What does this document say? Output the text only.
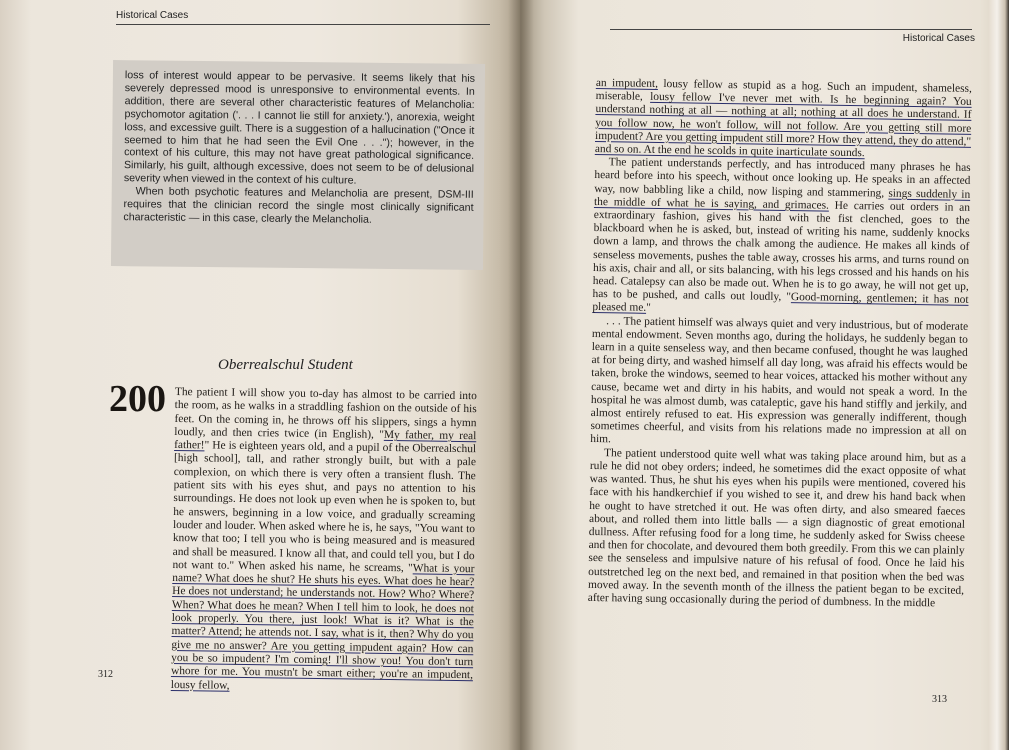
Historical Cases

loss of interest would appear to be pervasive. It seems likely that his severely depressed mood is unresponsive to environmental events. In addition, there are several other characteristic features of Melancholia: psychomotor agitation ('. . . I cannot lie still for anxiety.'), anorexia, weight loss, and excessive guilt. There is a suggestion of a hallucination ("Once it seemed to him that he had seen the Evil One . . ."); however, in the context of his culture, this may not have great pathological significance. Similarly, his guilt, although excessive, does not seem to be of delusional severity when viewed in the context of his culture.

When both psychotic features and Melancholia are present, DSM-III requires that the clinician record the single most clinically significant characteristic — in this case, clearly the Melancholia.

Oberrealschul Student
200 The patient I will show you to-day has almost to be carried into the room, as he walks in a straddling fashion on the outside of his feet. On the coming in, he throws off his slippers, sings a hymn loudly, and then cries twice (in English), "My father, my real father!" He is eighteen years old, and a pupil of the Oberrealschul [high school], tall, and rather strongly built, but with a pale complexion, on which there is very often a transient flush. The patient sits with his eyes shut, and pays no attention to his surroundings. He does not look up even when he is spoken to, but he answers, beginning in a low voice, and gradually screaming louder and louder. When asked where he is, he says, "You want to know that too; I tell you who is being measured and is measured and shall be measured. I know all that, and could tell you, but I do not want to." When asked his name, he screams, "What is your name? What does he shut? He shuts his eyes. What does he hear? He does not understand; he understands not. How? Who? Where? When? What does he mean? When I tell him to look, he does not look properly. You there, just look! What is it? What is the matter? Attend; he attends not. I say, what is it, then? Why do you give me no answer? Are you getting impudent again? How can you be so impudent? I'm coming! I'll show you! You don't turn whore for me. You mustn't be smart either; you're an impudent, lousy fellow,
312
Historical Cases

an impudent, lousy fellow as stupid as a hog. Such an impudent, shameless, miserable, lousy fellow I've never met with. Is he beginning again? You understand nothing at all — nothing at all; nothing at all does he understand. If you follow now, he won't follow, will not follow. Are you getting still more impudent? Are you getting impudent still more? How they attend, they do attend," and so on. At the end he scolds in quite inarticulate sounds.

The patient understands perfectly, and has introduced many phrases he has heard before into his speech, without once looking up. He speaks in an affected way, now babbling like a child, now lisping and stammering, sings suddenly in the middle of what he is saying, and grimaces. He carries out orders in an extraordinary fashion, gives his hand with the fist clenched, goes to the blackboard when he is asked, but, instead of writing his name, suddenly knocks down a lamp, and throws the chalk among the audience. He makes all kinds of senseless movements, pushes the table away, crosses his arms, and turns round on his axis, chair and all, or sits balancing, with his legs crossed and his hands on his head. Catalepsy can also be made out. When he is to go away, he will not get up, has to be pushed, and calls out loudly, "Good-morning, gentlemen; it has not pleased me."

. . . The patient himself was always quiet and very industrious, but of moderate mental endowment. Seven months ago, during the holidays, he suddenly began to learn in a quite senseless way, and then became confused, thought he was laughed at for being dirty, and washed himself all day long, was afraid his effects would be taken, broke the windows, seemed to hear voices, attacked his mother without any cause, became wet and dirty in his habits, and would not speak a word. In the hospital he was almost dumb, was cataleptic, gave his hand stiffly and jerkily, and almost entirely refused to eat. His expression was generally indifferent, though sometimes cheerful, and visits from his relations made no impression at all on him.

The patient understood quite well what was taking place around him, but as a rule he did not obey orders; indeed, he sometimes did the exact opposite of what was wanted. Thus, he shut his eyes when his pupils were mentioned, covered his face with his handkerchief if you wished to see it, and drew his hand back when he ought to have stretched it out. He was often dirty, and also smeared faeces about, and rolled them into little balls — a sign diagnostic of great emotional dullness. After refusing food for a long time, he suddenly asked for Swiss cheese and then for chocolate, and devoured them both greedily. From this we can plainly see the senseless and impulsive nature of his refusal of food. Once he laid his outstretched leg on the next bed, and remained in that position when the bed was moved away. In the seventh month of the illness the patient began to be excited, after having sung occasionally during the period of dumbness. In the middle

313
